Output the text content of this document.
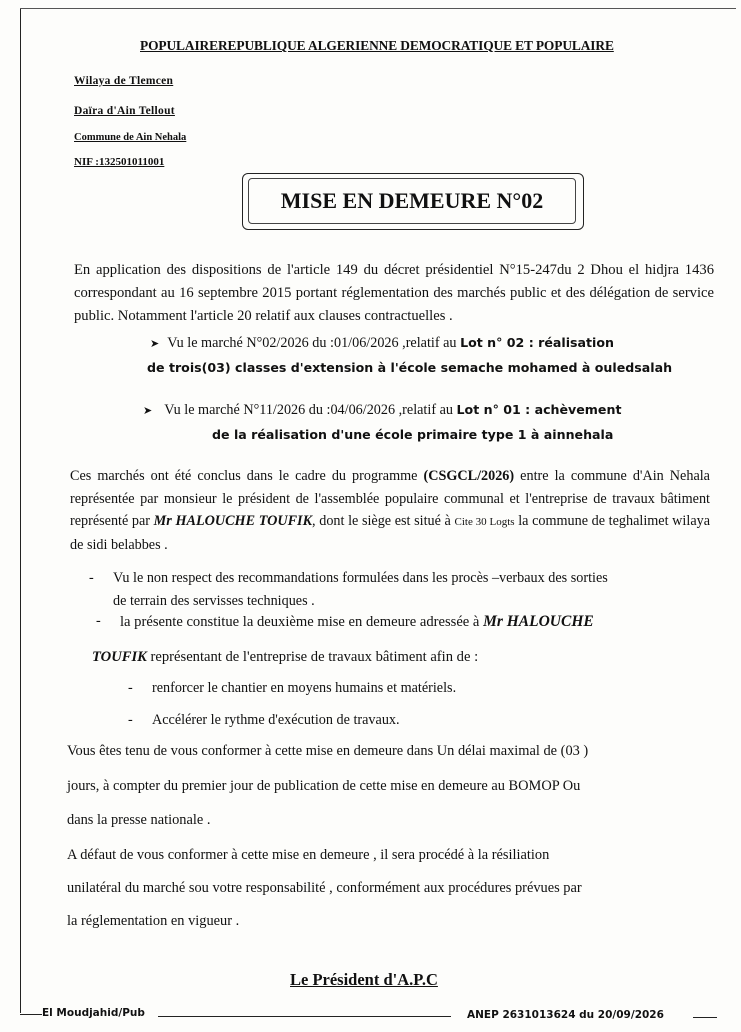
POPULAIREREPUBLIQUE ALGERIENNE DEMOCRATIQUE ET POPULAIRE
Wilaya de Tlemcen
Daïra d'Ain Tellout
Commune de Ain Nehala
NIF :132501011001
MISE EN DEMEURE N°02
En application des dispositions de l'article 149 du décret présidentiel N°15-247du 2 Dhou el hidjra 1436 correspondant au 16 septembre 2015 portant réglementation des marchés public et des délégation de service public. Notamment l'article 20 relatif aux clauses contractuelles .
➤ Vu le marché N°02/2026 du :01/06/2026 ,relatif au Lot n° 02 : réalisation
de trois(03) classes d'extension à l'école semache mohamed à ouledsalah
➤ Vu le marché N°11/2026 du :04/06/2026 ,relatif au Lot n° 01 : achèvement
de la réalisation d'une école primaire type 1 à ainnehala
Ces marchés ont été conclus dans le cadre du programme (CSGCL/2026) entre la commune d'Ain Nehala représentée par monsieur le président de l'assemblée populaire communal et l'entreprise de travaux bâtiment représenté par Mr HALOUCHE TOUFIK, dont le siège est situé à Cite 30 Logts la commune de teghalimet wilaya de sidi belabbes .
- Vu le non respect des recommandations formulées dans les procès –verbaux des sorties
de terrain des servisses techniques .
- la présente constitue la deuxième mise en demeure adressée à Mr HALOUCHE
TOUFIK représentant de l'entreprise de travaux bâtiment afin de :
- renforcer le chantier en moyens humains et matériels.
- Accélérer le rythme d'exécution de travaux.
Vous êtes tenu de vous conformer à cette mise en demeure dans Un délai maximal de (03 )
jours, à compter du premier jour de publication de cette mise en demeure au BOMOP Ou
dans la presse nationale .
A défaut de vous conformer à cette mise en demeure , il sera procédé à la résiliation
unilatéral du marché sou votre responsabilité , conformément aux procédures prévues par
la réglementation en vigueur .
Le Président d'A.P.C
El Moudjahid/Pub	ANEP 2631013624 du 20/09/2026
